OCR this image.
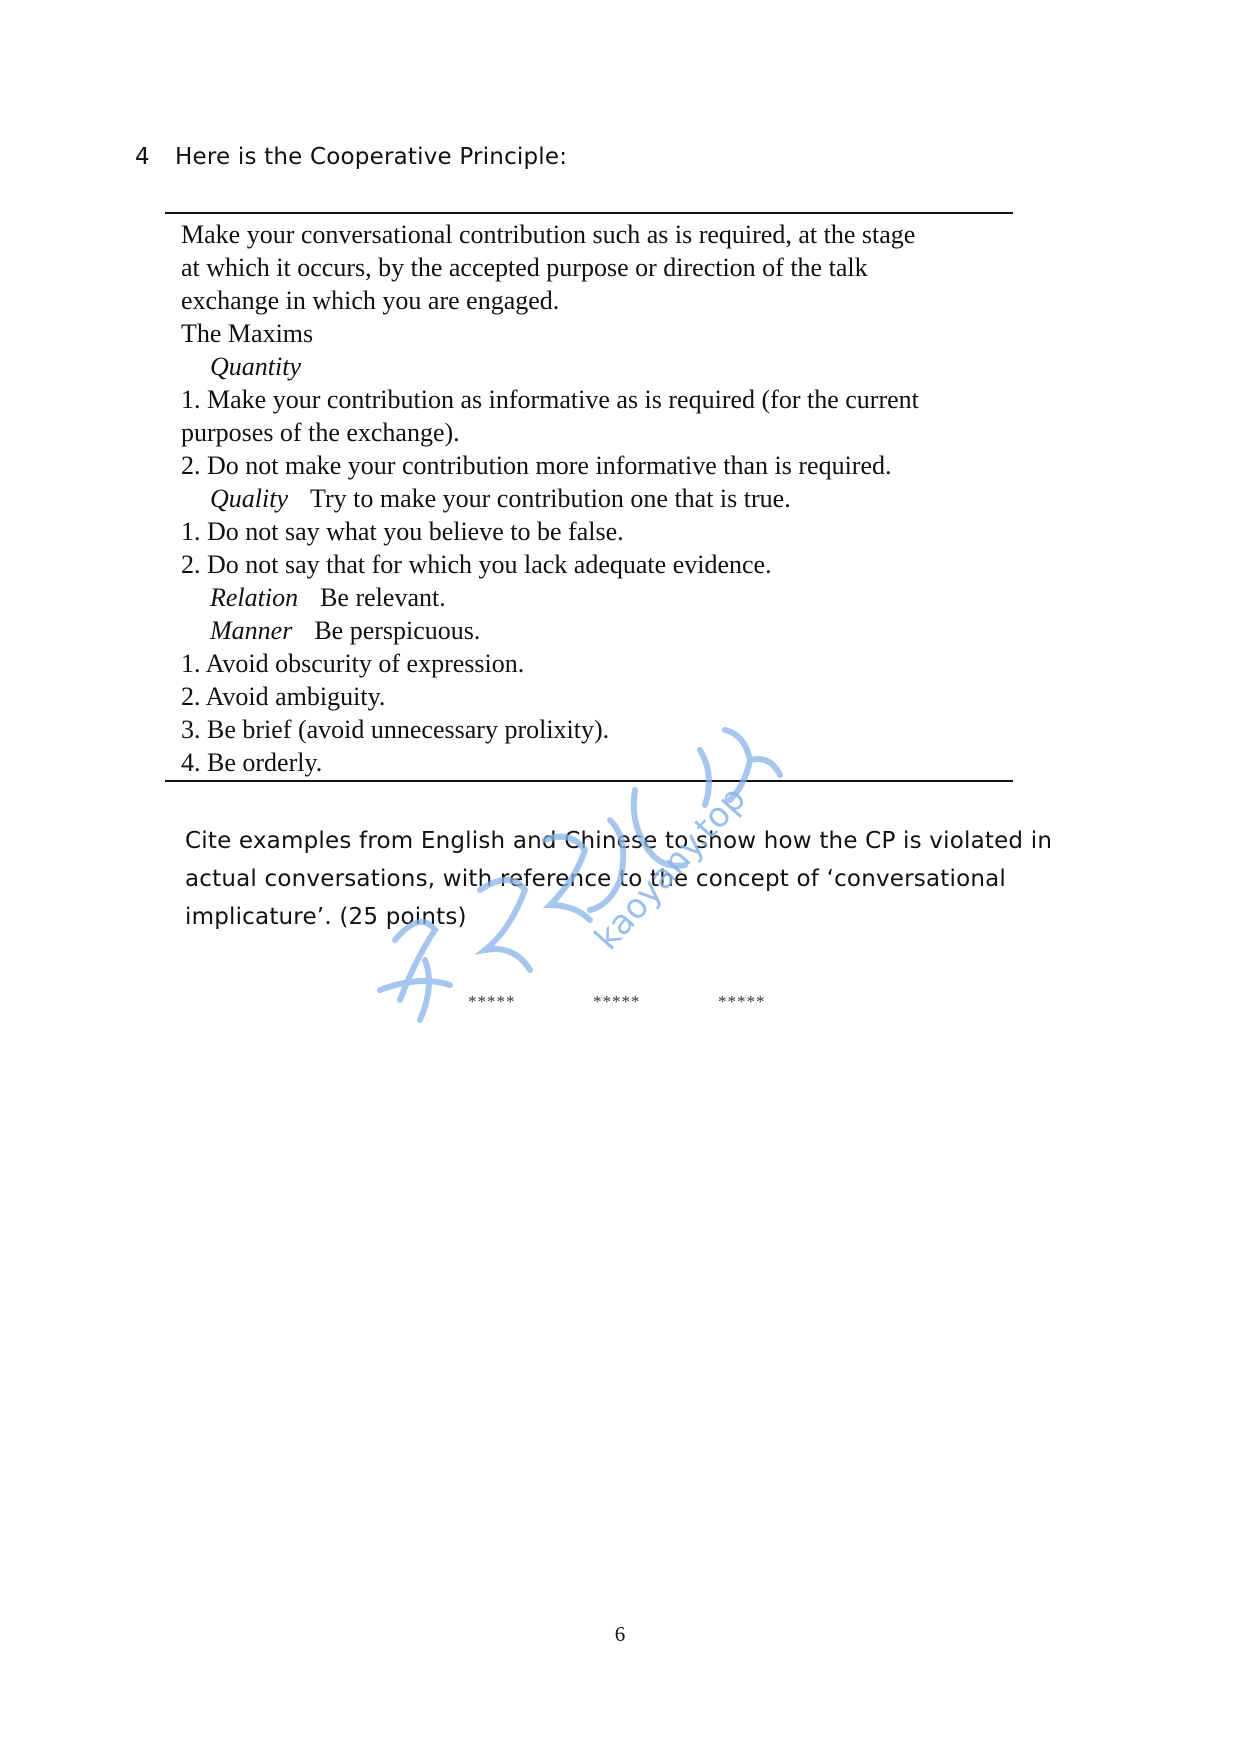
4 Here is the Cooperative Principle:
Make your conversational contribution such as is required, at the stage
at which it occurs, by the accepted purpose or direction of the talk
exchange in which you are engaged.
The Maxims
Quantity
1. Make your contribution as informative as is required (for the current
purposes of the exchange).
2. Do not make your contribution more informative than is required.
Quality Try to make your contribution one that is true.
1. Do not say what you believe to be false.
2. Do not say that for which you lack adequate evidence.
Relation Be relevant.
Manner Be perspicuous.
1. Avoid obscurity of expression.
2. Avoid ambiguity.
3. Be brief (avoid unnecessary prolixity).
4. Be orderly.

Cite examples from English and Chinese to show how the CP is violated in

actual conversations, with reference to the concept of ‘conversational

implicature’. (25 points)

*****	*****	*****
6
kaoyany.top
